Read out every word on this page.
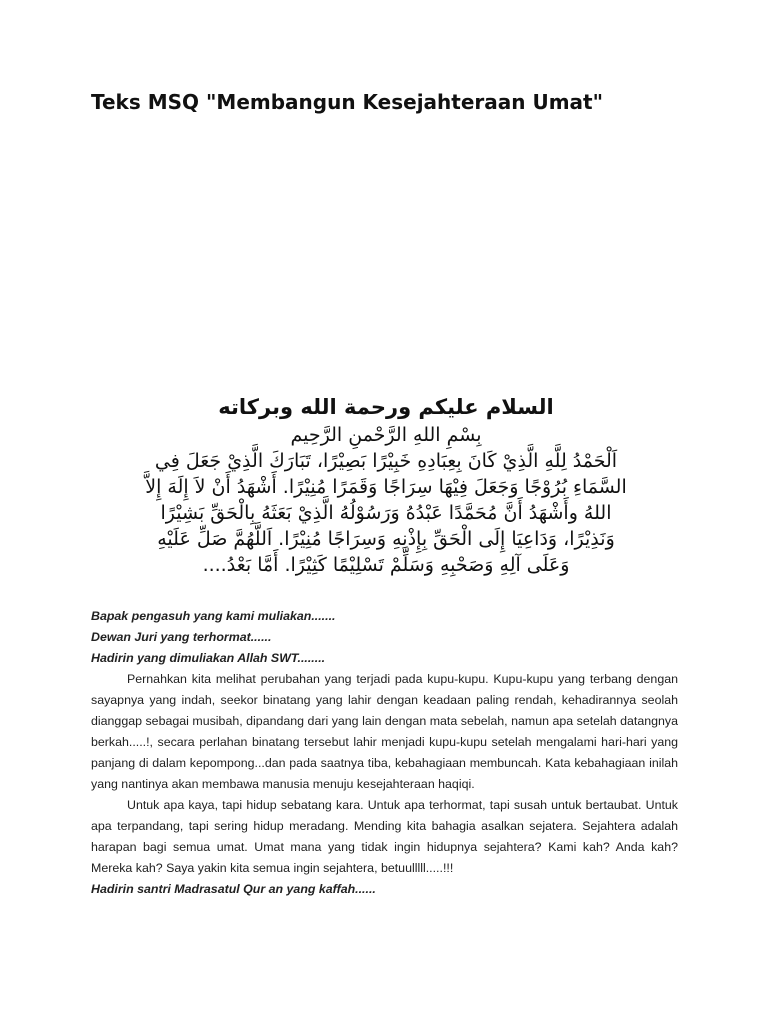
Teks MSQ "Membangun Kesejahteraan Umat"
السلام عليكم ورحمة الله وبركاته
بِسْمِ اللهِ الرَّحْمنِ الرَّحِيم
اَلْحَمْدُ لِلَّهِ الَّذِيْ كَانَ بِعِبَادِهِ خَبِيْرًا بَصِيْرًا، تَبَارَكَ الَّذِيْ جَعَلَ فِي
السَّمَاءِ بُرُوْجًا وَجَعَلَ فِيْهَا سِرَاجًا وَقَمَرًا مُنِيْرًا. أَشْهَدُ أَنْ لاَ إِلَهَ إِلاَّ
اللهُ وأَشْهَدُ أَنَّ مُحَمَّدًا عَبْدُهُ وَرَسُوْلُهُ الَّذِيْ بَعَثَهُ بِالْحَقِّ بَشِيْرًا
وَنَذِيْرًا، وَدَاعِيَا إِلَى الْحَقِّ بِإِذْنِهِ وَسِرَاجًا مُنِيْرًا. اَللَّهُمَّ صَلِّ عَلَيْهِ
وَعَلَى آلِهِ وَصَحْبِهِ وَسَلِّمْ تَسْلِيْمًا كَثِيْرًا. أَمَّا بَعْدُ....

Bapak pengasuh yang kami muliakan.......

Dewan Juri yang terhormat......

Hadirin yang dimuliakan Allah SWT........

Pernahkan kita melihat perubahan yang terjadi pada kupu-kupu. Kupu-kupu yang terbang dengan sayapnya yang indah, seekor binatang yang lahir dengan keadaan paling rendah, kehadirannya seolah dianggap sebagai musibah, dipandang dari yang lain dengan mata sebelah, namun apa setelah datangnya berkah.....!, secara perlahan binatang tersebut lahir menjadi kupu-kupu setelah mengalami hari-hari yang panjang di dalam kepompong...dan pada saatnya tiba, kebahagiaan membuncah. Kata kebahagiaan inilah yang nantinya akan membawa manusia menuju kesejahteraan haqiqi.

Untuk apa kaya, tapi hidup sebatang kara. Untuk apa terhormat, tapi susah untuk bertaubat. Untuk apa terpandang, tapi sering hidup meradang. Mending kita bahagia asalkan sejatera. Sejahtera adalah harapan bagi semua umat. Umat mana yang tidak ingin hidupnya sejahtera? Kami kah? Anda kah? Mereka kah? Saya yakin kita semua ingin sejahtera, betuulllll.....!!!

Hadirin santri Madrasatul Qur an yang kaffah......
